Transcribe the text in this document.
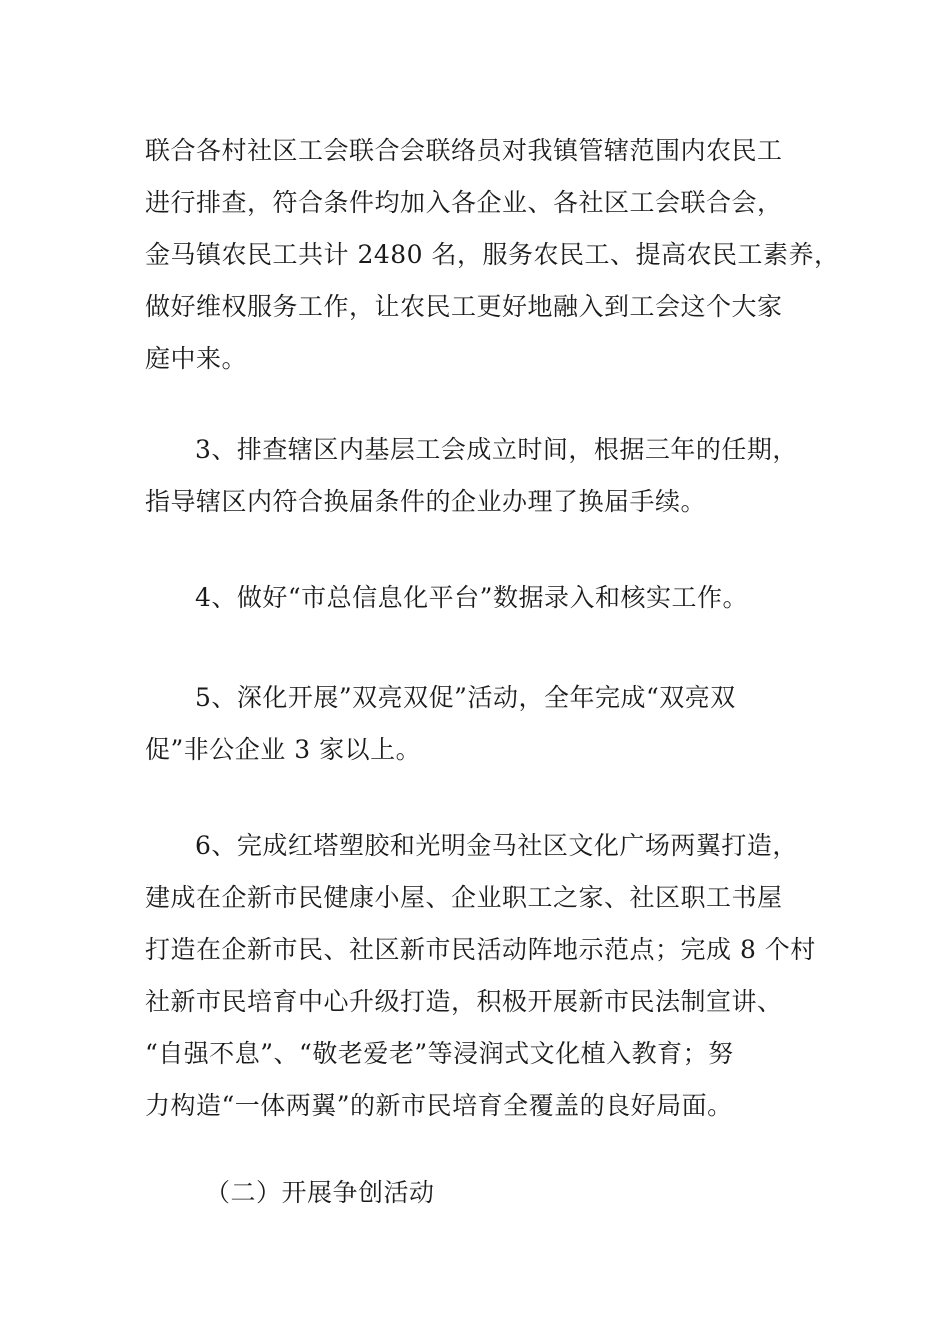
联合各村社区工会联合会联络员对我镇管辖范围内农民工
进行排查，符合条件均加入各企业、各社区工会联合会，
金马镇农民工共计 2480 名，服务农民工、提高农民工素养，
做好维权服务工作，让农民工更好地融入到工会这个大家
庭中来。
3、排查辖区内基层工会成立时间，根据三年的任期，
指导辖区内符合换届条件的企业办理了换届手续。
4、做好“市总信息化平台”数据录入和核实工作。
5、深化开展”双亮双促”活动，全年完成“双亮双
促”非公企业 3 家以上。
6、完成红塔塑胶和光明金马社区文化广场两翼打造，
建成在企新市民健康小屋、企业职工之家、社区职工书屋
打造在企新市民、社区新市民活动阵地示范点；完成 8 个村
社新市民培育中心升级打造，积极开展新市民法制宣讲、
“自强不息”、“敬老爱老”等浸润式文化植入教育；努
力构造“一体两翼”的新市民培育全覆盖的良好局面。
（二）开展争创活动
